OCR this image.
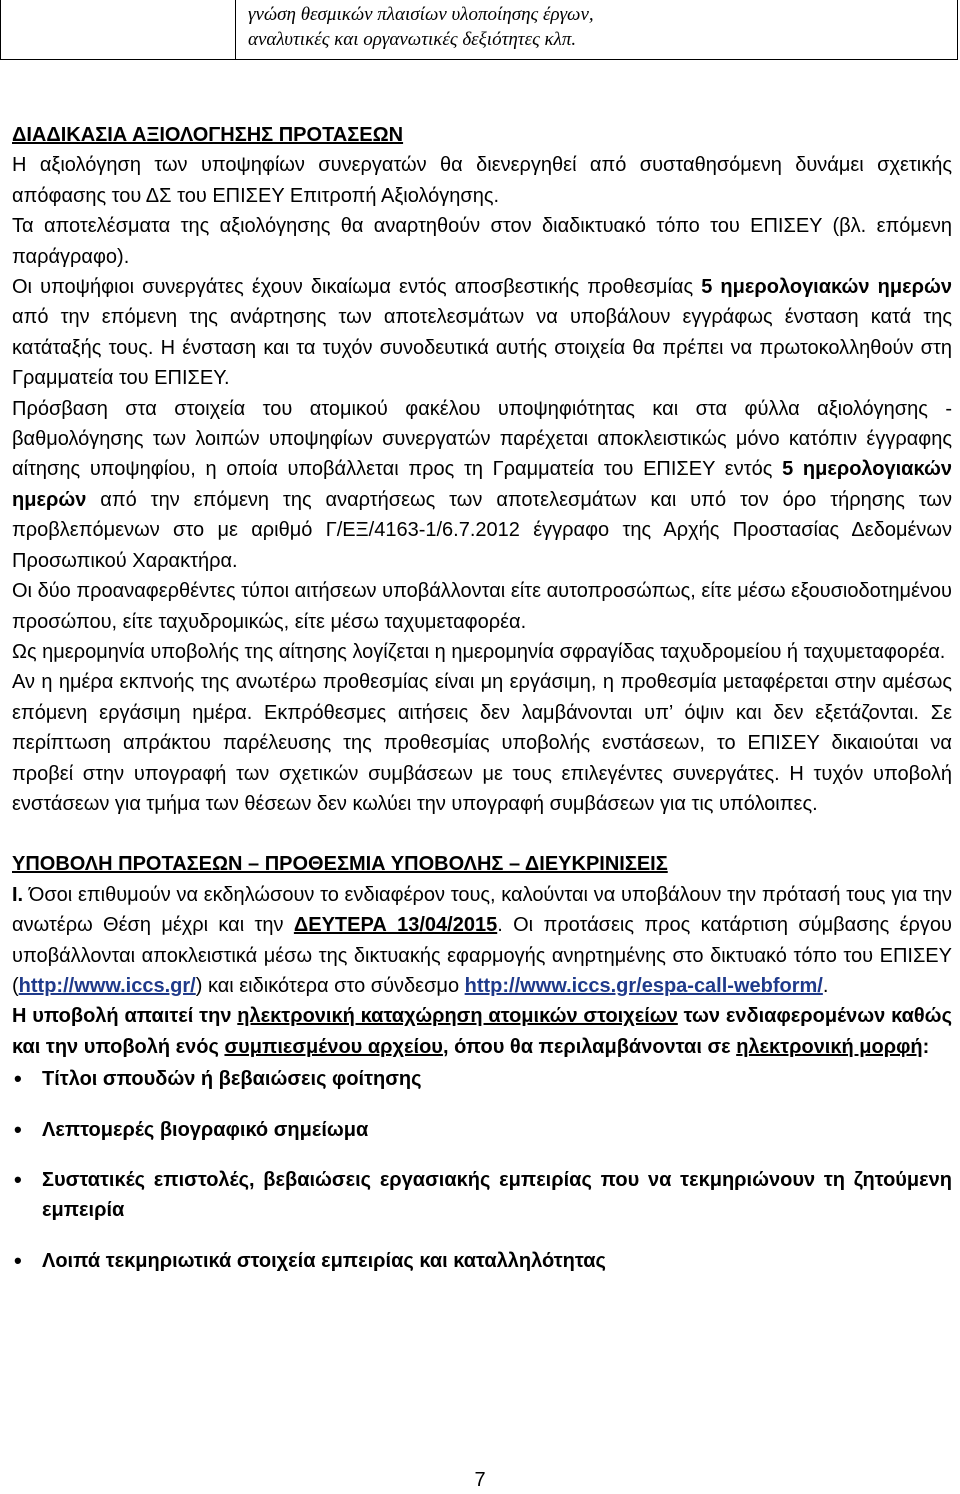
γνώση θεσμικών πλαισίων υλοποίησης έργων,
αναλυτικές και οργανωτικές δεξιότητες κλπ.
ΔΙΑΔΙΚΑΣΙΑ ΑΞΙΟΛΟΓΗΣΗΣ ΠΡΟΤΑΣΕΩΝ

Η αξιολόγηση των υποψηφίων συνεργατών θα διενεργηθεί από συσταθησόμενη δυνάμει σχετικής απόφασης του ΔΣ του ΕΠΙΣΕΥ Επιτροπή Αξιολόγησης.

Τα αποτελέσματα της αξιολόγησης θα αναρτηθούν στον διαδικτυακό τόπο του ΕΠΙΣΕΥ (βλ. επόμενη παράγραφο).

Οι υποψήφιοι συνεργάτες έχουν δικαίωμα εντός αποσβεστικής προθεσμίας 5 ημερολογιακών ημερών από την επόμενη της ανάρτησης των αποτελεσμάτων να υποβάλουν εγγράφως ένσταση κατά της κατάταξής τους. Η ένσταση και τα τυχόν συνοδευτικά αυτής στοιχεία θα πρέπει να πρωτοκολληθούν στη Γραμματεία του ΕΠΙΣΕΥ.

Πρόσβαση στα στοιχεία του ατομικού φακέλου υποψηφιότητας και στα φύλλα αξιολόγησης - βαθμολόγησης των λοιπών υποψηφίων συνεργατών παρέχεται αποκλειστικώς μόνο κατόπιν έγγραφης αίτησης υποψηφίου, η οποία υποβάλλεται προς τη Γραμματεία του ΕΠΙΣΕΥ εντός 5 ημερολογιακών ημερών από την επόμενη της αναρτήσεως των αποτελεσμάτων και υπό τον όρο τήρησης των προβλεπόμενων στο με αριθμό Γ/ΕΞ/4163-1/6.7.2012 έγγραφο της Αρχής Προστασίας Δεδομένων Προσωπικού Χαρακτήρα.

Οι δύο προαναφερθέντες τύποι αιτήσεων υποβάλλονται είτε αυτοπροσώπως, είτε μέσω εξουσιοδοτημένου προσώπου, είτε ταχυδρομικώς, είτε μέσω ταχυμεταφορέα.

Ως ημερομηνία υποβολής της αίτησης λογίζεται η ημερομηνία σφραγίδας ταχυδρομείου ή ταχυμεταφορέα.

Αν η ημέρα εκπνοής της ανωτέρω προθεσμίας είναι μη εργάσιμη, η προθεσμία μεταφέρεται στην αμέσως επόμενη εργάσιμη ημέρα. Εκπρόθεσμες αιτήσεις δεν λαμβάνονται υπ’ όψιν και δεν εξετάζονται. Σε περίπτωση απράκτου παρέλευσης της προθεσμίας υποβολής ενστάσεων, το ΕΠΙΣΕΥ δικαιούται να προβεί στην υπογραφή των σχετικών συμβάσεων με τους επιλεγέντες συνεργάτες. Η τυχόν υποβολή ενστάσεων για τμήμα των θέσεων δεν κωλύει την υπογραφή συμβάσεων για τις υπόλοιπες.

ΥΠΟΒΟΛΗ ΠΡΟΤΑΣΕΩΝ – ΠΡΟΘΕΣΜΙΑ ΥΠΟΒΟΛΗΣ – ΔΙΕΥΚΡΙΝΙΣΕΙΣ

Ι. Όσοι επιθυμούν να εκδηλώσουν το ενδιαφέρον τους, καλούνται να υποβάλουν την πρότασή τους για την ανωτέρω Θέση μέχρι και την ΔΕΥΤΕΡΑ 13/04/2015. Οι προτάσεις προς κατάρτιση σύμβασης έργου υποβάλλονται αποκλειστικά μέσω της δικτυακής εφαρμογής ανηρτημένης στο δικτυακό τόπο του ΕΠΙΣΕΥ (http://www.iccs.gr/) και ειδικότερα στο σύνδεσμο http://www.iccs.gr/espa-call-webform/.

Η υποβολή απαιτεί την ηλεκτρονική καταχώρηση ατομικών στοιχείων των ενδιαφερομένων καθώς και την υποβολή ενός συμπιεσμένου αρχείου, όπου θα περιλαμβάνονται σε ηλεκτρονική μορφή:

• Τίτλοι σπουδών ή βεβαιώσεις φοίτησης
• Λεπτομερές βιογραφικό σημείωμα
• Συστατικές επιστολές, βεβαιώσεις εργασιακής εμπειρίας που να τεκμηριώνουν τη ζητούμενη εμπειρία
• Λοιπά τεκμηριωτικά στοιχεία εμπειρίας και καταλληλότητας
7
